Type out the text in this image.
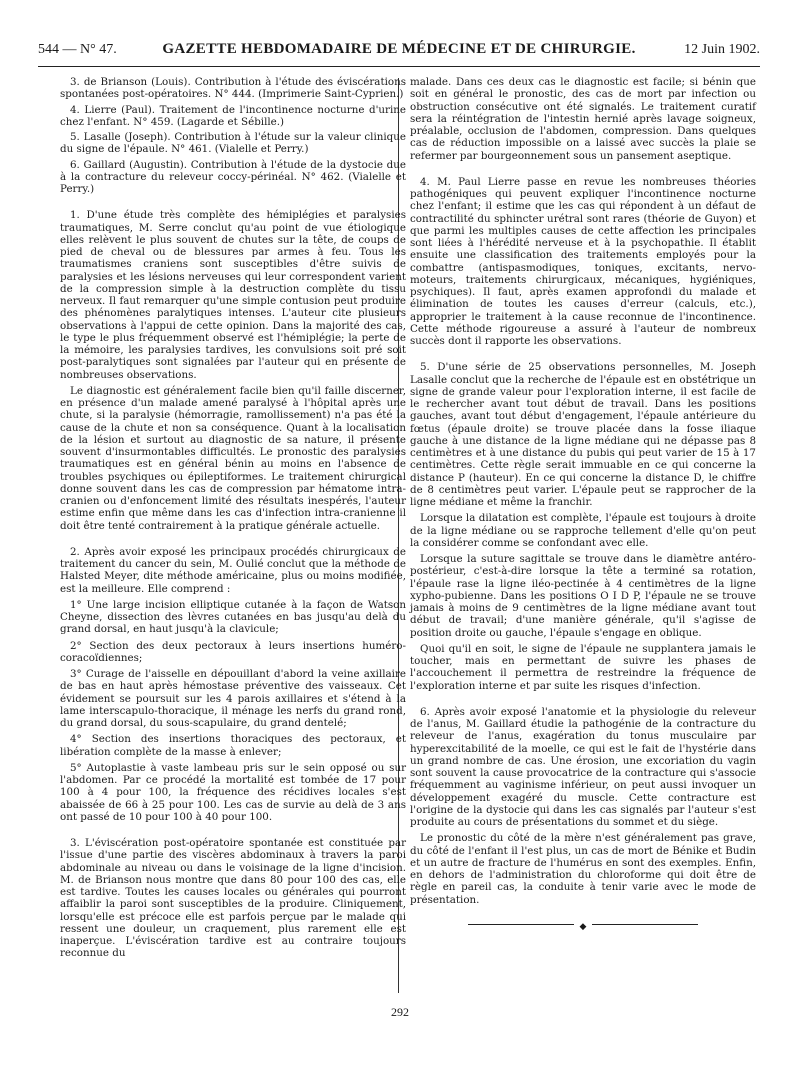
544 — N° 47.	GAZETTE HEBDOMADAIRE DE MÉDECINE ET DE CHIRURGIE.	12 Juin 1902.

3. de Brianson (Louis). Contribution à l'étude des éviscérations spontanées post-opératoires. N° 444. (Imprimerie Saint-Cyprien.)

4. Lierre (Paul). Traitement de l'incontinence nocturne d'urine chez l'enfant. N° 459. (Lagarde et Sébille.)

5. Lasalle (Joseph). Contribution à l'étude sur la valeur clinique du signe de l'épaule. N° 461. (Vialelle et Perry.)

6. Gaillard (Augustin). Contribution à l'étude de la dystocie due à la contracture du releveur coccy-périnéal. N° 462. (Vialelle et Perry.)

1. D'une étude très complète des hémiplégies et paralysies traumatiques, M. Serre conclut qu'au point de vue étiologique elles relèvent le plus souvent de chutes sur la tête, de coups de pied de cheval ou de blessures par armes à feu. Tous les traumatismes craniens sont susceptibles d'être suivis de paralysies et les lésions nerveuses qui leur correspondent varient de la compression simple à la destruction complète du tissu nerveux. Il faut remarquer qu'une simple contusion peut produire des phénomènes paralytiques intenses. L'auteur cite plusieurs observations à l'appui de cette opinion. Dans la majorité des cas, le type le plus fréquemment observé est l'hémiplégie; la perte de la mémoire, les paralysies tardives, les convulsions soit pré soit post-paralytiques sont signalées par l'auteur qui en présente de nombreuses observations.

Le diagnostic est généralement facile bien qu'il faille discerner, en présence d'un malade amené paralysé à l'hôpital après une chute, si la paralysie (hémorragie, ramollissement) n'a pas été la cause de la chute et non sa conséquence. Quant à la localisation de la lésion et surtout au diagnostic de sa nature, il présente souvent d'insurmontables difficultés. Le pronostic des paralysies traumatiques est en général bénin au moins en l'absence de troubles psychiques ou épileptiformes. Le traitement chirurgical donne souvent dans les cas de compression par hématome intra-cranien ou d'enfoncement limité des résultats inespérés, l'auteur estime enfin que même dans les cas d'infection intra-cranienne il doit être tenté contrairement à la pratique générale actuelle.

2. Après avoir exposé les principaux procédés chirurgicaux de traitement du cancer du sein, M. Oulié conclut que la méthode de Halsted Meyer, dite méthode américaine, plus ou moins modifiée, est la meilleure. Elle comprend :

1° Une large incision elliptique cutanée à la façon de Watson Cheyne, dissection des lèvres cutanées en bas jusqu'au delà du grand dorsal, en haut jusqu'à la clavicule;

2° Section des deux pectoraux à leurs insertions huméro-coracoïdiennes;

3° Curage de l'aisselle en dépouillant d'abord la veine axillaire de bas en haut après hémostase préventive des vaisseaux. Cet évidement se poursuit sur les 4 parois axillaires et s'étend à la lame interscapulo-thoracique, il ménage les nerfs du grand rond, du grand dorsal, du sous-scapulaire, du grand dentelé;

4° Section des insertions thoraciques des pectoraux, et libération complète de la masse à enlever;

5° Autoplastie à vaste lambeau pris sur le sein opposé ou sur l'abdomen. Par ce procédé la mortalité est tombée de 17 pour 100 à 4 pour 100, la fréquence des récidives locales s'est abaissée de 66 à 25 pour 100. Les cas de survie au delà de 3 ans ont passé de 10 pour 100 à 40 pour 100.

3. L'éviscération post-opératoire spontanée est constituée par l'issue d'une partie des viscères abdominaux à travers la paroi abdominale au niveau ou dans le voisinage de la ligne d'incision. M. de Brianson nous montre que dans 80 pour 100 des cas, elle est tardive. Toutes les causes locales ou générales qui pourront affaiblir la paroi sont susceptibles de la produire. Cliniquement, lorsqu'elle est précoce elle est parfois perçue par le malade qui ressent une douleur, un craquement, plus rarement elle est inaperçue. L'éviscération tardive est au contraire toujours reconnue du

malade. Dans ces deux cas le diagnostic est facile; si bénin que soit en général le pronostic, des cas de mort par infection ou obstruction consécutive ont été signalés. Le traitement curatif sera la réintégration de l'intestin hernié après lavage soigneux, préalable, occlusion de l'abdomen, compression. Dans quelques cas de réduction impossible on a laissé avec succès la plaie se refermer par bourgeonnement sous un pansement aseptique.

4. M. Paul Lierre passe en revue les nombreuses théories pathogéniques qui peuvent expliquer l'incontinence nocturne chez l'enfant; il estime que les cas qui répondent à un défaut de contractilité du sphincter urétral sont rares (théorie de Guyon) et que parmi les multiples causes de cette affection les principales sont liées à l'hérédité nerveuse et à la psychopathie. Il établit ensuite une classification des traitements employés pour la combattre (antispasmodiques, toniques, excitants, nervo-moteurs, traitements chirurgicaux, mécaniques, hygiéniques, psychiques). Il faut, après examen approfondi du malade et élimination de toutes les causes d'erreur (calculs, etc.), approprier le traitement à la cause reconnue de l'incontinence. Cette méthode rigoureuse a assuré à l'auteur de nombreux succès dont il rapporte les observations.

5. D'une série de 25 observations personnelles, M. Joseph Lasalle conclut que la recherche de l'épaule est en obstétrique un signe de grande valeur pour l'exploration interne, il est facile de le rechercher avant tout début de travail. Dans les positions gauches, avant tout début d'engagement, l'épaule antérieure du fœtus (épaule droite) se trouve placée dans la fosse iliaque gauche à une distance de la ligne médiane qui ne dépasse pas 8 centimètres et à une distance du pubis qui peut varier de 15 à 17 centimètres. Cette règle serait immuable en ce qui concerne la distance P (hauteur). En ce qui concerne la distance D, le chiffre de 8 centimètres peut varier. L'épaule peut se rapprocher de la ligne médiane et même la franchir.

Lorsque la dilatation est complète, l'épaule est toujours à droite de la ligne médiane ou se rapproche tellement d'elle qu'on peut la considérer comme se confondant avec elle.

Lorsque la suture sagittale se trouve dans le diamètre antéro-postérieur, c'est-à-dire lorsque la tête a terminé sa rotation, l'épaule rase la ligne iléo-pectinée à 4 centimètres de la ligne xypho-pubienne. Dans les positions O I D P, l'épaule ne se trouve jamais à moins de 9 centimètres de la ligne médiane avant tout début de travail; d'une manière générale, qu'il s'agisse de position droite ou gauche, l'épaule s'engage en oblique.

Quoi qu'il en soit, le signe de l'épaule ne supplantera jamais le toucher, mais en permettant de suivre les phases de l'accouchement il permettra de restreindre la fréquence de l'exploration interne et par suite les risques d'infection.

6. Après avoir exposé l'anatomie et la physiologie du releveur de l'anus, M. Gaillard étudie la pathogénie de la contracture du releveur de l'anus, exagération du tonus musculaire par hyperexcitabilité de la moelle, ce qui est le fait de l'hystérie dans un grand nombre de cas. Une érosion, une excoriation du vagin sont souvent la cause provocatrice de la contracture qui s'associe fréquemment au vaginisme inférieur, on peut aussi invoquer un développement exagéré du muscle. Cette contracture est l'origine de la dystocie qui dans les cas signalés par l'auteur s'est produite au cours de présentations du sommet et du siège.

Le pronostic du côté de la mère n'est généralement pas grave, du côté de l'enfant il l'est plus, un cas de mort de Bénike et Budin et un autre de fracture de l'humérus en sont des exemples. Enfin, en dehors de l'administration du chloroforme qui doit être de règle en pareil cas, la conduite à tenir varie avec le mode de présentation.

◆
292
